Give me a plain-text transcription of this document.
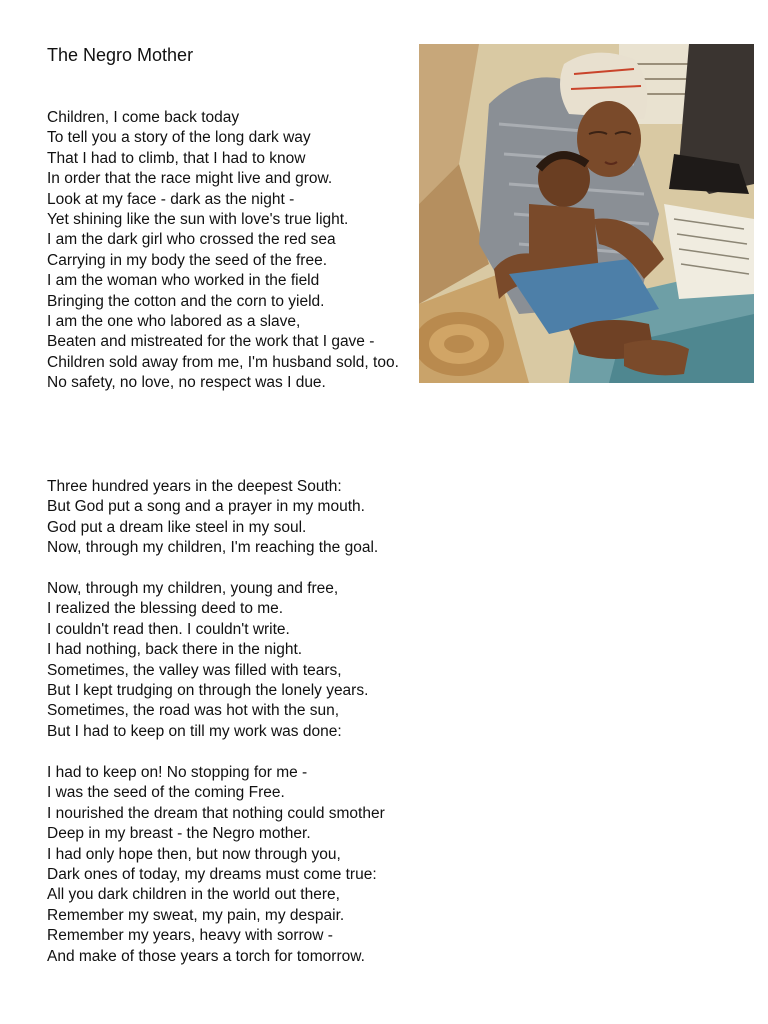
The Negro Mother
Children, I come back today
To tell you a story of the long dark way
That I had to climb, that I had to know
In order that the race might live and grow.
Look at my face - dark as the night -
Yet shining like the sun with love's true light.
I am the dark girl who crossed the red sea
Carrying in my body the seed of the free.
I am the woman who worked in the field
Bringing the cotton and the corn to yield.
I am the one who labored as a slave,
Beaten and mistreated for the work that I gave -
Children sold away from me, I'm husband sold, too.
No safety, no love, no respect was I due.
Three hundred years in the deepest South:
But God put a song and a prayer in my mouth.
God put a dream like steel in my soul.
Now, through my children, I'm reaching the goal.
Now, through my children, young and free,
I realized the blessing deed to me.
I couldn't read then. I couldn't write.
I had nothing, back there in the night.
Sometimes, the valley was filled with tears,
But I kept trudging on through the lonely years.
Sometimes, the road was hot with the sun,
But I had to keep on till my work was done:
I had to keep on! No stopping for me -
I was the seed of the coming Free.
I nourished the dream that nothing could smother
Deep in my breast - the Negro mother.
I had only hope then, but now through you,
Dark ones of today, my dreams must come true:
All you dark children in the world out there,
Remember my sweat, my pain, my despair.
Remember my years, heavy with sorrow -
And make of those years a torch for tomorrow.
